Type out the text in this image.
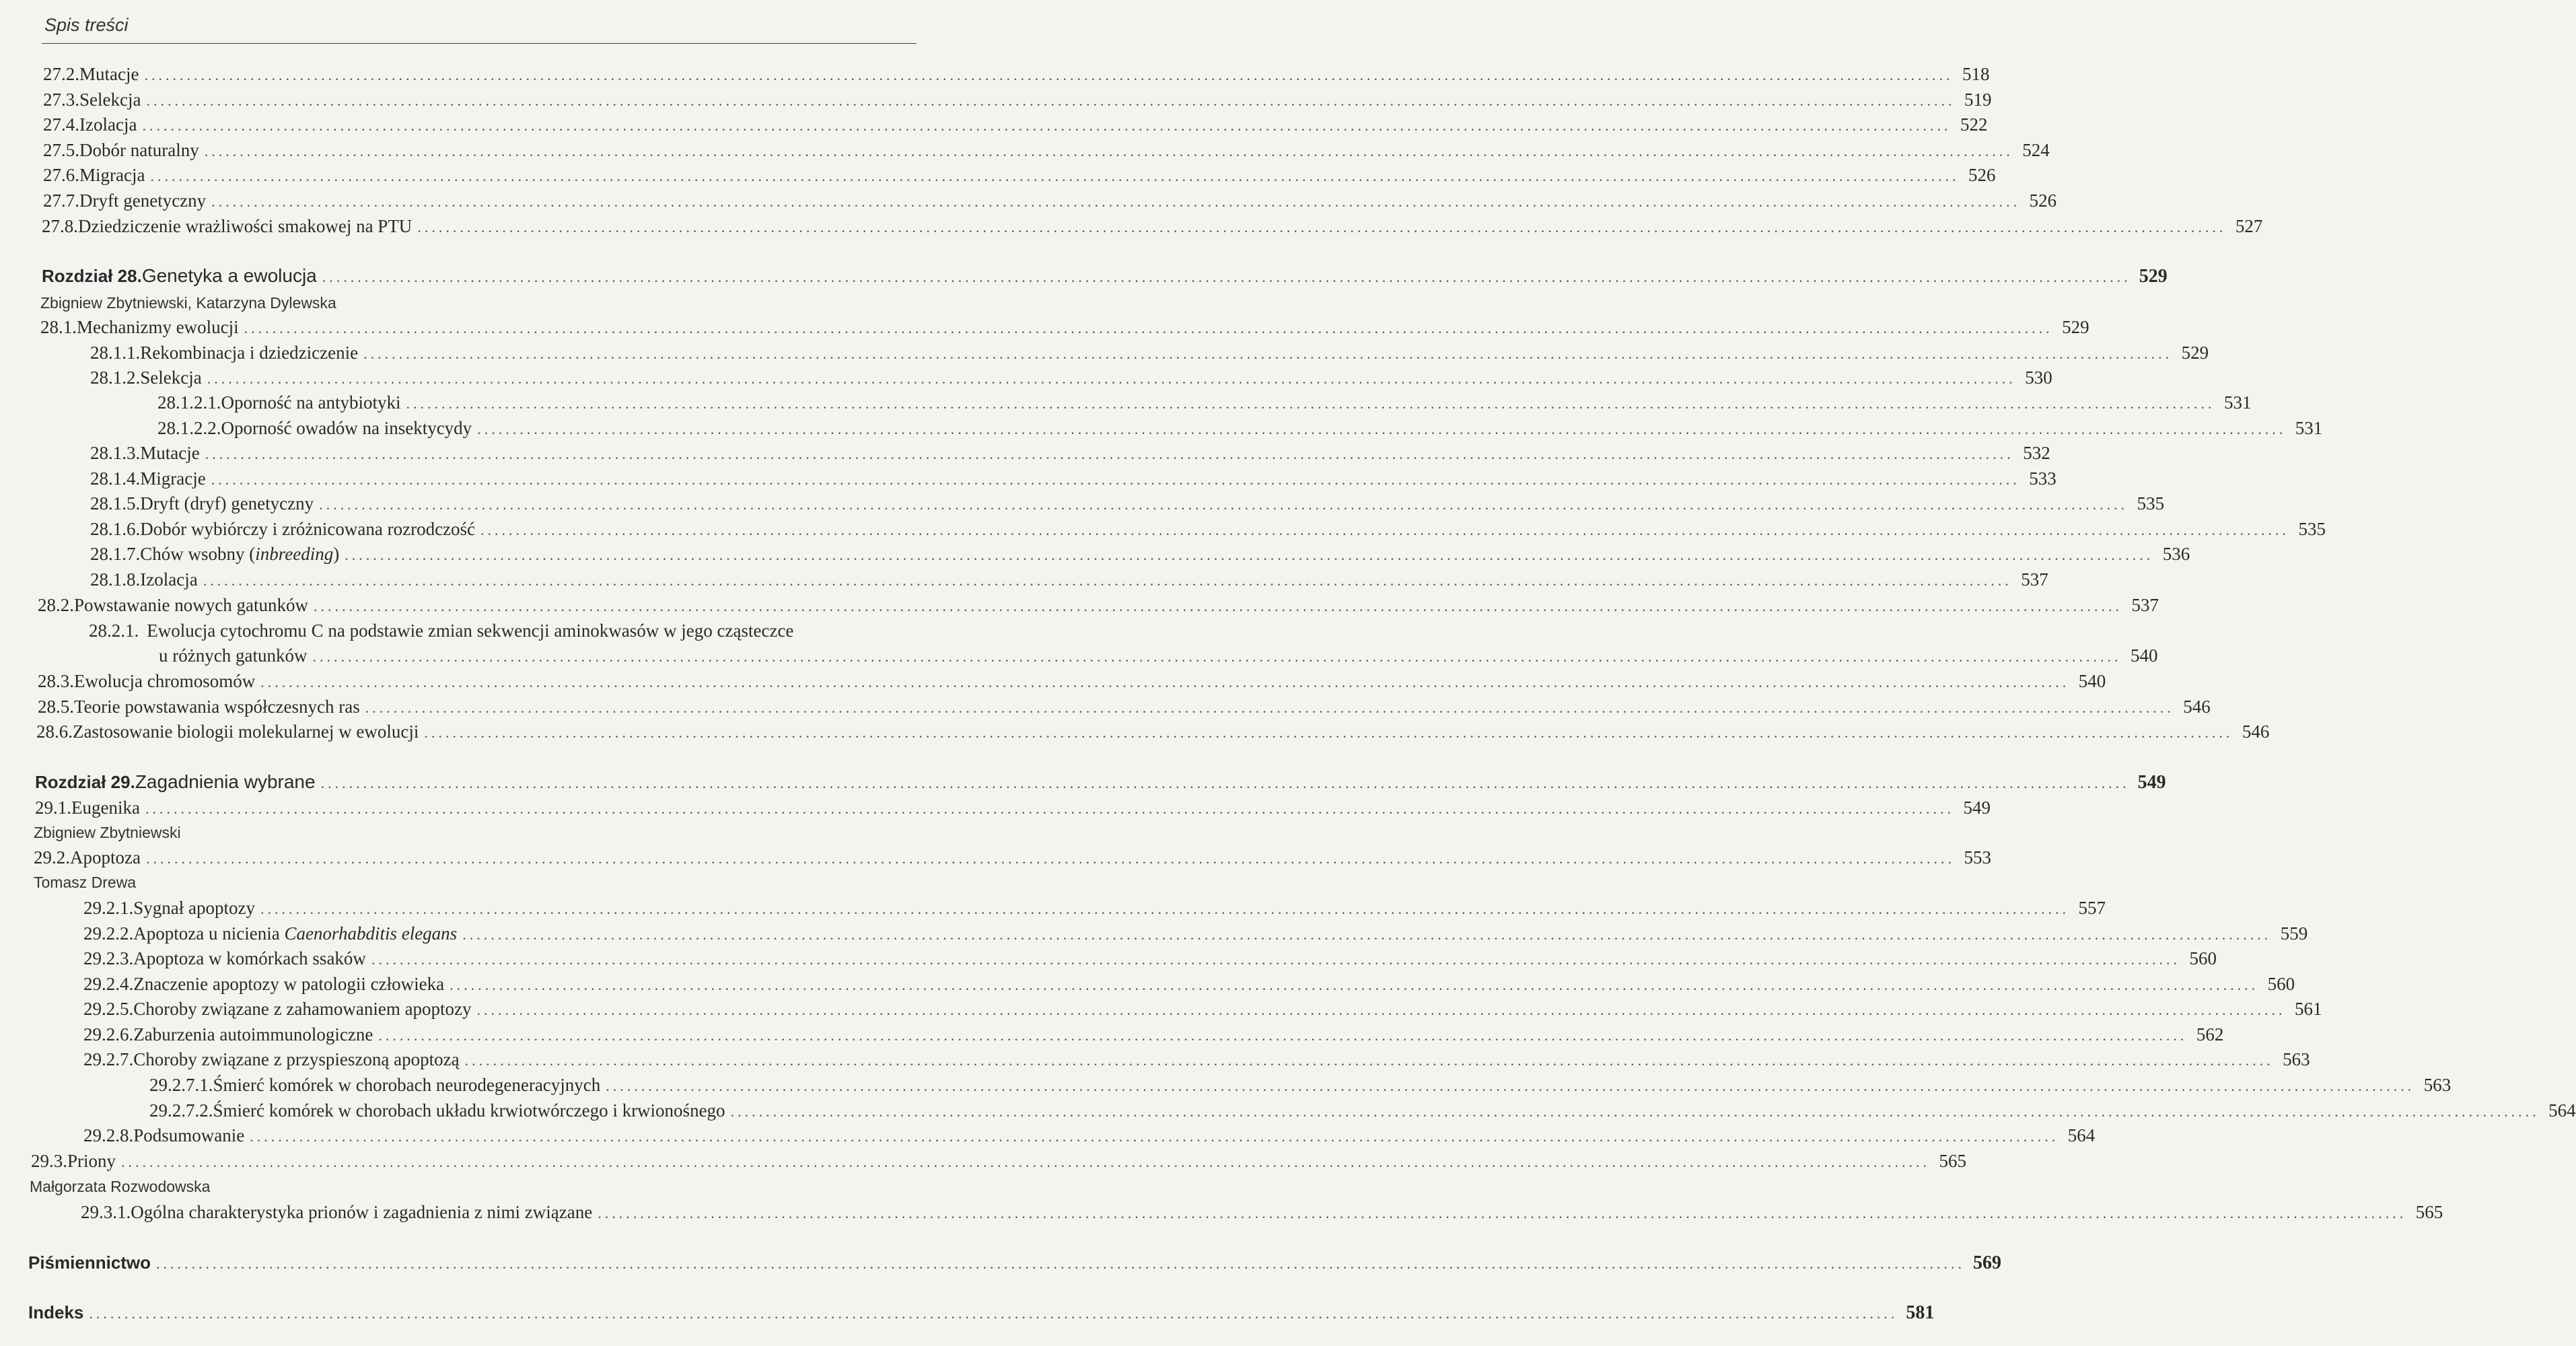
Spis treści
27.2. Mutacje .....	518
27.3. Selekcja .....	519
27.4. Izolacja .....	522
27.5. Dobór naturalny .....	524
27.6. Migracja .....	526
27.7. Dryft genetyczny .....	526
27.8. Dziedziczenie wrażliwości smakowej na PTU .....	527
Rozdział 28. Genetyka a ewolucja .....	529
Zbigniew Zbytniewski, Katarzyna Dylewska
28.1. Mechanizmy ewolucji .....	529
28.1.1. Rekombinacja i dziedziczenie .....	529
28.1.2. Selekcja .....	530
28.1.2.1. Oporność na antybiotyki .....	531
28.1.2.2. Oporność owadów na insektycydy .....	531
28.1.3. Mutacje .....	532
28.1.4. Migracje .....	533
28.1.5. Dryft (dryf) genetyczny .....	535
28.1.6. Dobór wybiórczy i zróżnicowana rozrodczość .....	535
28.1.7. Chów wsobny (inbreeding) .....	536
28.1.8. Izolacja .....	537
28.2. Powstawanie nowych gatunków .....	537
28.2.1. Ewolucja cytochromu C na podstawie zmian sekwencji aminokwasów w jego cząsteczce
u różnych gatunków .....	540
28.3. Ewolucja chromosomów .....	540
28.5. Teorie powstawania współczesnych ras .....	546
28.6. Zastosowanie biologii molekularnej w ewolucji .....	546
Rozdział 29. Zagadnienia wybrane .....	549
29.1. Eugenika .....	549
Zbigniew Zbytniewski
29.2. Apoptoza .....	553
Tomasz Drewa
29.2.1. Sygnał apoptozy .....	557
29.2.2. Apoptoza u nicienia Caenorhabditis elegans .....	559
29.2.3. Apoptoza w komórkach ssaków .....	560
29.2.4. Znaczenie apoptozy w patologii człowieka .....	560
29.2.5. Choroby związane z zahamowaniem apoptozy .....	561
29.2.6. Zaburzenia autoimmunologiczne .....	562
29.2.7. Choroby związane z przyspieszoną apoptozą .....	563
29.2.7.1. Śmierć komórek w chorobach neurodegeneracyjnych .....	563
29.2.7.2. Śmierć komórek w chorobach układu krwiotwórczego i krwionośnego .....	564
29.2.8. Podsumowanie .....	564
29.3. Priony .....	565
Małgorzata Rozwodowska
29.3.1. Ogólna charakterystyka prionów i zagadnienia z nimi związane .....	565
Piśmiennictwo .....	569
Indeks .....	581
